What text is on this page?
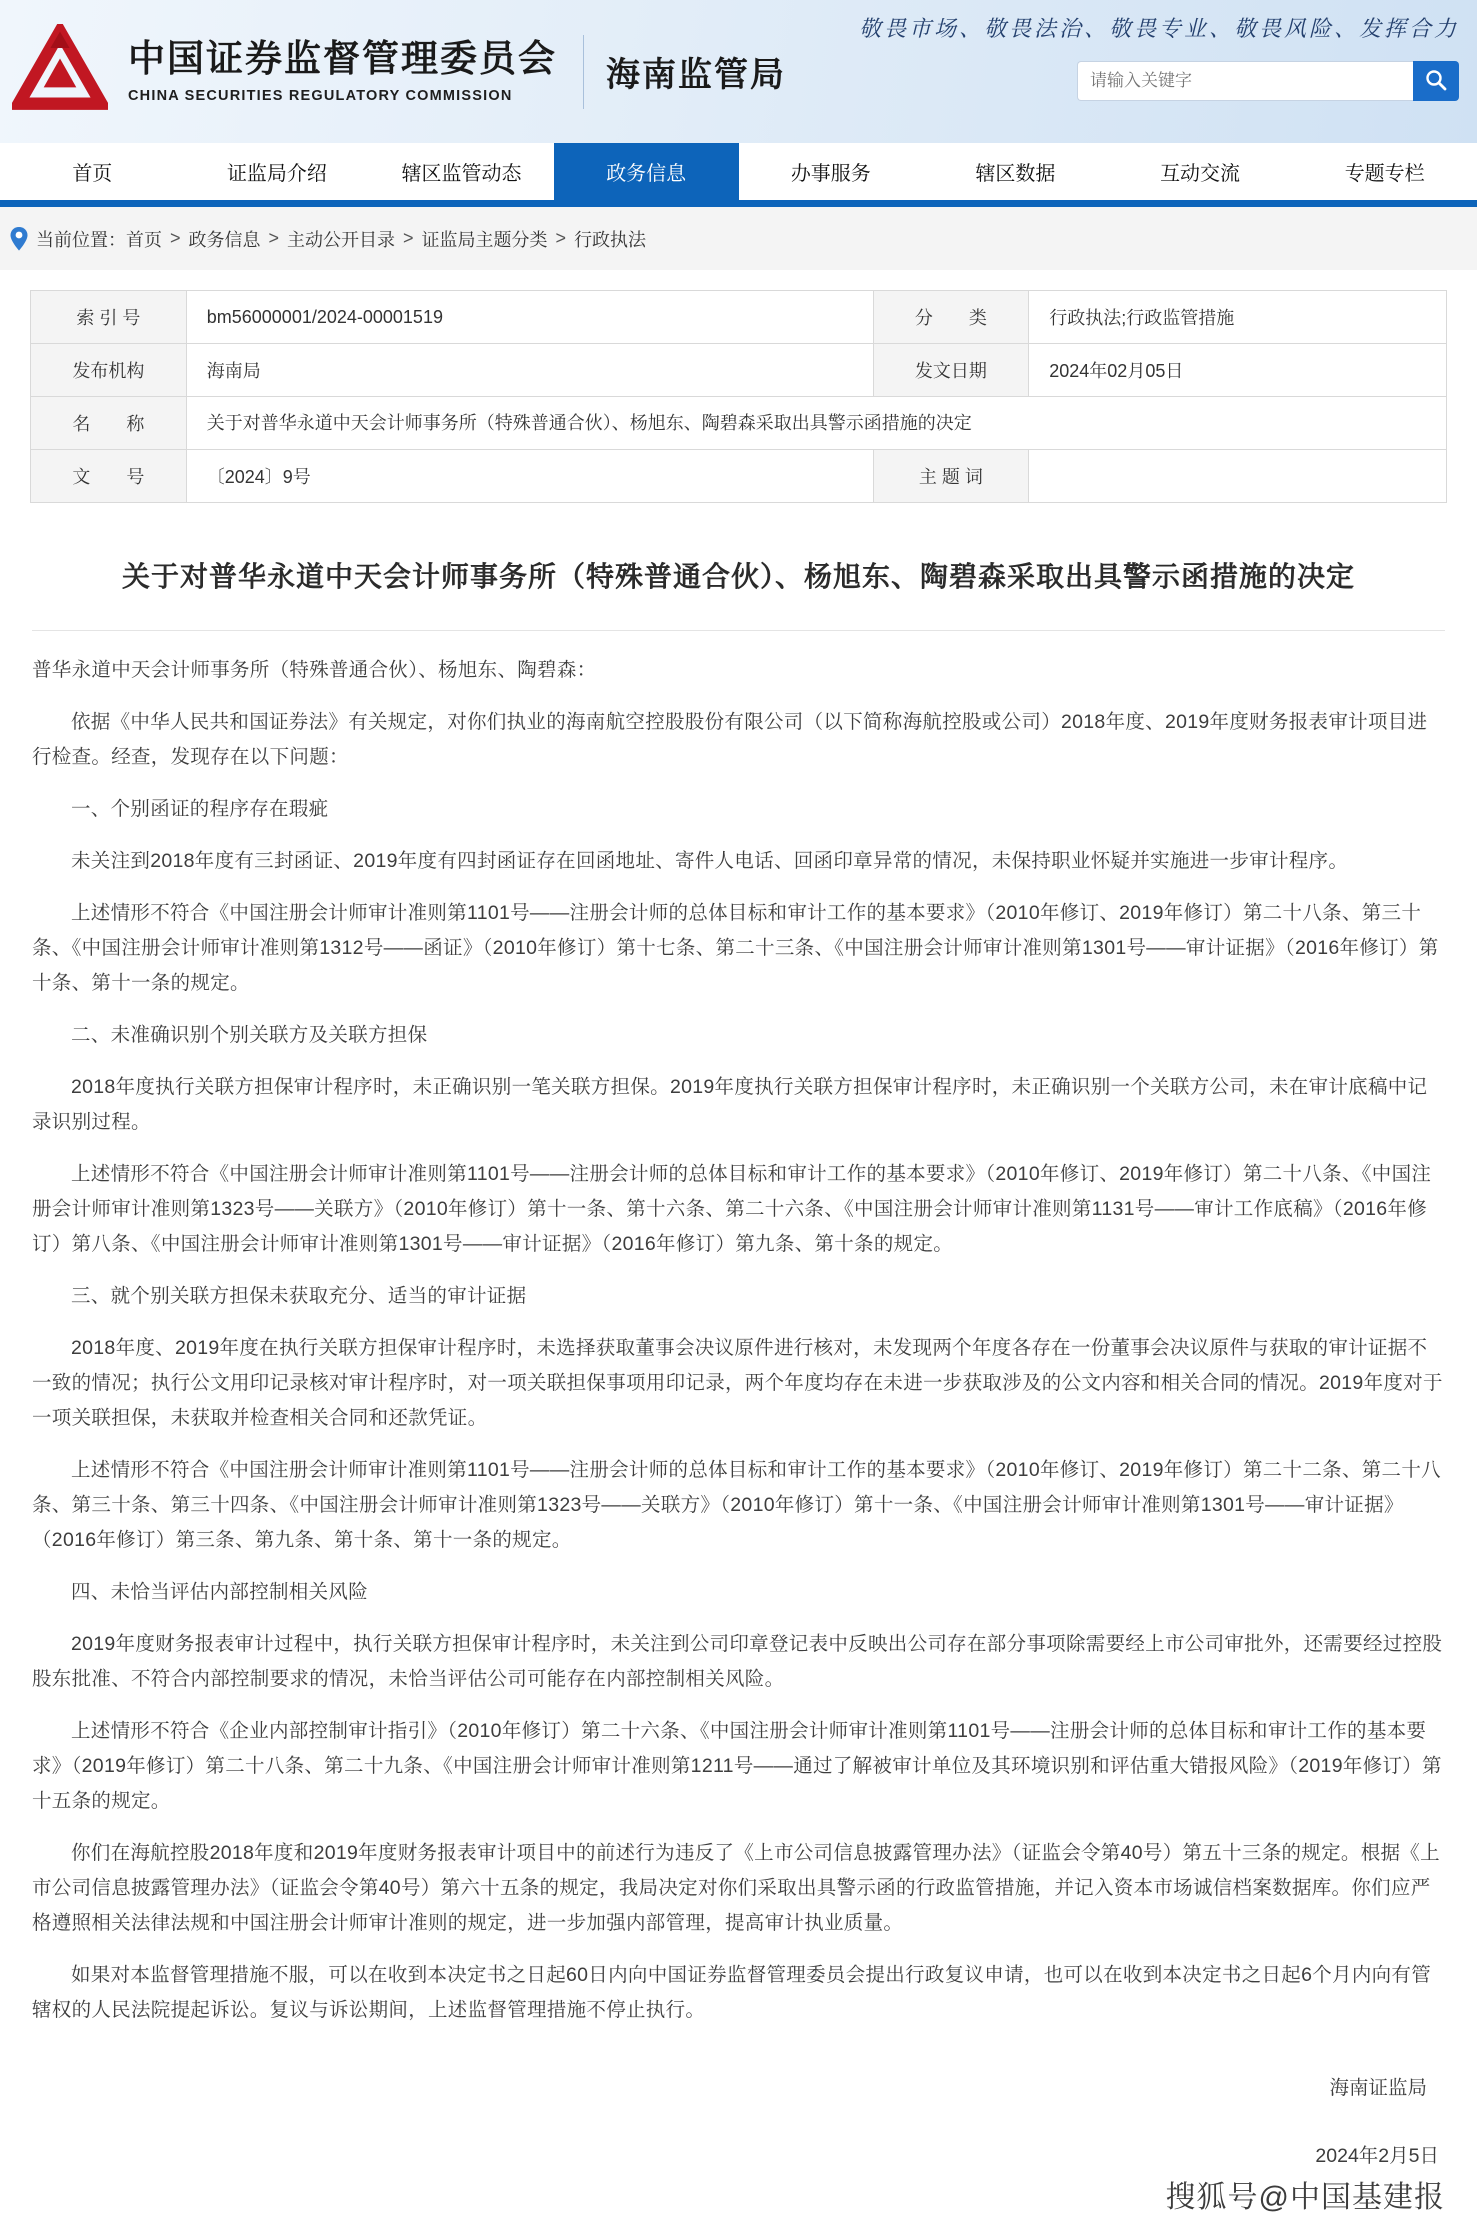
中国证券监督管理委员会
CHINA SECURITIES REGULATORY COMMISSION
海南监管局
敬畏市场、敬畏法治、敬畏专业、敬畏风险、发挥合力
请输入关键字
首页	证监局介绍	辖区监管动态	政务信息	办事服务	辖区数据	互动交流	专题专栏
当前位置： 首页 > 政务信息 > 主动公开目录 > 证监局主题分类 > 行政执法
索 引 号	bm56000001/2024-00001519	分　　类	行政执法;行政监管措施
发布机构	海南局	发文日期	2024年02月05日
名　　称	关于对普华永道中天会计师事务所（特殊普通合伙）、杨旭东、陶碧森采取出具警示函措施的决定		
文　　号	〔2024〕9号	主 题 词	
关于对普华永道中天会计师事务所（特殊普通合伙）、杨旭东、陶碧森采取出具警示函措施的决定

普华永道中天会计师事务所（特殊普通合伙）、杨旭东、陶碧森：

依据《中华人民共和国证券法》有关规定，对你们执业的海南航空控股股份有限公司（以下简称海航控股或公司）2018年度、2019年度财务报表审计项目进行检查。经查，发现存在以下问题：

一、个别函证的程序存在瑕疵

未关注到2018年度有三封函证、2019年度有四封函证存在回函地址、寄件人电话、回函印章异常的情况，未保持职业怀疑并实施进一步审计程序。

上述情形不符合《中国注册会计师审计准则第1101号——注册会计师的总体目标和审计工作的基本要求》（2010年修订、2019年修订）第二十八条、第三十条、《中国注册会计师审计准则第1312号——函证》（2010年修订）第十七条、第二十三条、《中国注册会计师审计准则第1301号——审计证据》（2016年修订）第十条、第十一条的规定。

二、未准确识别个别关联方及关联方担保

2018年度执行关联方担保审计程序时，未正确识别一笔关联方担保。2019年度执行关联方担保审计程序时，未正确识别一个关联方公司，未在审计底稿中记录识别过程。

上述情形不符合《中国注册会计师审计准则第1101号——注册会计师的总体目标和审计工作的基本要求》（2010年修订、2019年修订）第二十八条、《中国注册会计师审计准则第1323号——关联方》（2010年修订）第十一条、第十六条、第二十六条、《中国注册会计师审计准则第1131号——审计工作底稿》（2016年修订）第八条、《中国注册会计师审计准则第1301号——审计证据》（2016年修订）第九条、第十条的规定。

三、就个别关联方担保未获取充分、适当的审计证据

2018年度、2019年度在执行关联方担保审计程序时，未选择获取董事会决议原件进行核对，未发现两个年度各存在一份董事会决议原件与获取的审计证据不一致的情况；执行公文用印记录核对审计程序时，对一项关联担保事项用印记录，两个年度均存在未进一步获取涉及的公文内容和相关合同的情况。2019年度对于一项关联担保，未获取并检查相关合同和还款凭证。

上述情形不符合《中国注册会计师审计准则第1101号——注册会计师的总体目标和审计工作的基本要求》（2010年修订、2019年修订）第二十二条、第二十八条、第三十条、第三十四条、《中国注册会计师审计准则第1323号——关联方》（2010年修订）第十一条、《中国注册会计师审计准则第1301号——审计证据》（2016年修订）第三条、第九条、第十条、第十一条的规定。

四、未恰当评估内部控制相关风险

2019年度财务报表审计过程中，执行关联方担保审计程序时，未关注到公司印章登记表中反映出公司存在部分事项除需要经上市公司审批外，还需要经过控股股东批准、不符合内部控制要求的情况，未恰当评估公司可能存在内部控制相关风险。

上述情形不符合《企业内部控制审计指引》（2010年修订）第二十六条、《中国注册会计师审计准则第1101号——注册会计师的总体目标和审计工作的基本要求》（2019年修订）第二十八条、第二十九条、《中国注册会计师审计准则第1211号——通过了解被审计单位及其环境识别和评估重大错报风险》（2019年修订）第十五条的规定。

你们在海航控股2018年度和2019年度财务报表审计项目中的前述行为违反了《上市公司信息披露管理办法》（证监会令第40号）第五十三条的规定。根据《上市公司信息披露管理办法》（证监会令第40号）第六十五条的规定，我局决定对你们采取出具警示函的行政监管措施，并记入资本市场诚信档案数据库。你们应严格遵照相关法律法规和中国注册会计师审计准则的规定，进一步加强内部管理，提高审计执业质量。

如果对本监督管理措施不服，可以在收到本决定书之日起60日内向中国证券监督管理委员会提出行政复议申请，也可以在收到本决定书之日起6个月内向有管辖权的人民法院提起诉讼。复议与诉讼期间，上述监督管理措施不停止执行。

海南证监局
2024年2月5日
搜狐号@中国基建报
